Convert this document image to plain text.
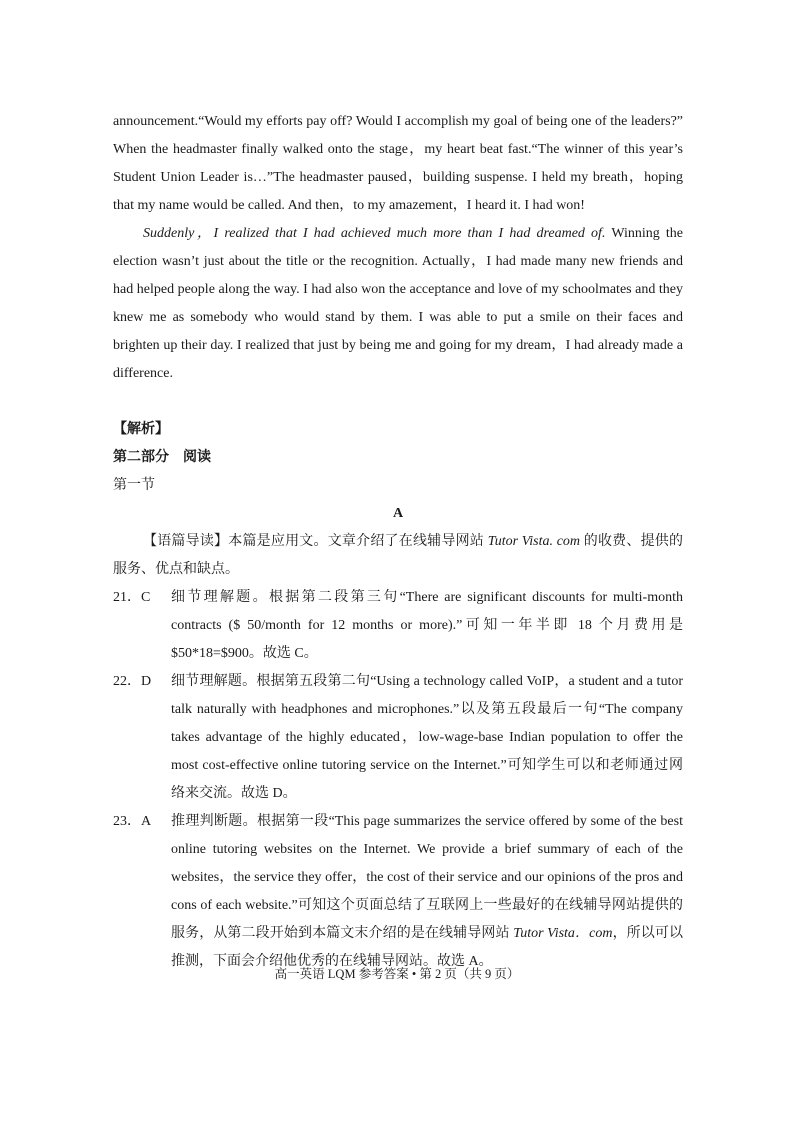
announcement.“Would my efforts pay off? Would I accomplish my goal of being one of the leaders?” When the headmaster finally walked onto the stage，my heart beat fast.“The winner of this year’s Student Union Leader is…”The headmaster paused，building suspense. I held my breath，hoping that my name would be called. And then，to my amazement，I heard it. I had won!

Suddenly，I realized that I had achieved much more than I had dreamed of. Winning the election wasn’t just about the title or the recognition. Actually，I had made many new friends and had helped people along the way. I had also won the acceptance and love of my schoolmates and they knew me as somebody who would stand by them. I was able to put a smile on their faces and brighten up their day. I realized that just by being me and going for my dream，I had already made a difference.

【解析】

第二部分　阅读

第一节

A

【语篇导读】本篇是应用文。文章介绍了在线辅导网站 Tutor Vista. com 的收费、提供的服务、优点和缺点。

21．C	细节理解题。根据第二段第三句“There are significant discounts for multi-month contracts ($ 50/month for 12 months or more).”可知一年半即 18 个月费用是 $50*18=$900。故选 C。

22．D	细节理解题。根据第五段第二句“Using a technology called VoIP，a student and a tutor talk naturally with headphones and microphones.”以及第五段最后一句“The company takes advantage of the highly educated，low-wage-base Indian population to offer the most cost-effective online tutoring service on the Internet.”可知学生可以和老师通过网络来交流。故选 D。

23．A	推理判断题。根据第一段“This page summarizes the service offered by some of the best online tutoring websites on the Internet. We provide a brief summary of each of the websites，the service they offer，the cost of their service and our opinions of the pros and cons of each website.”可知这个页面总结了互联网上一些最好的在线辅导网站提供的服务，从第二段开始到本篇文末介绍的是在线辅导网站 Tutor Vista．com，所以可以推测，下面会介绍他优秀的在线辅导网站。故选 A。

高一英语 LQM 参考答案 • 第 2 页（共 9 页）
